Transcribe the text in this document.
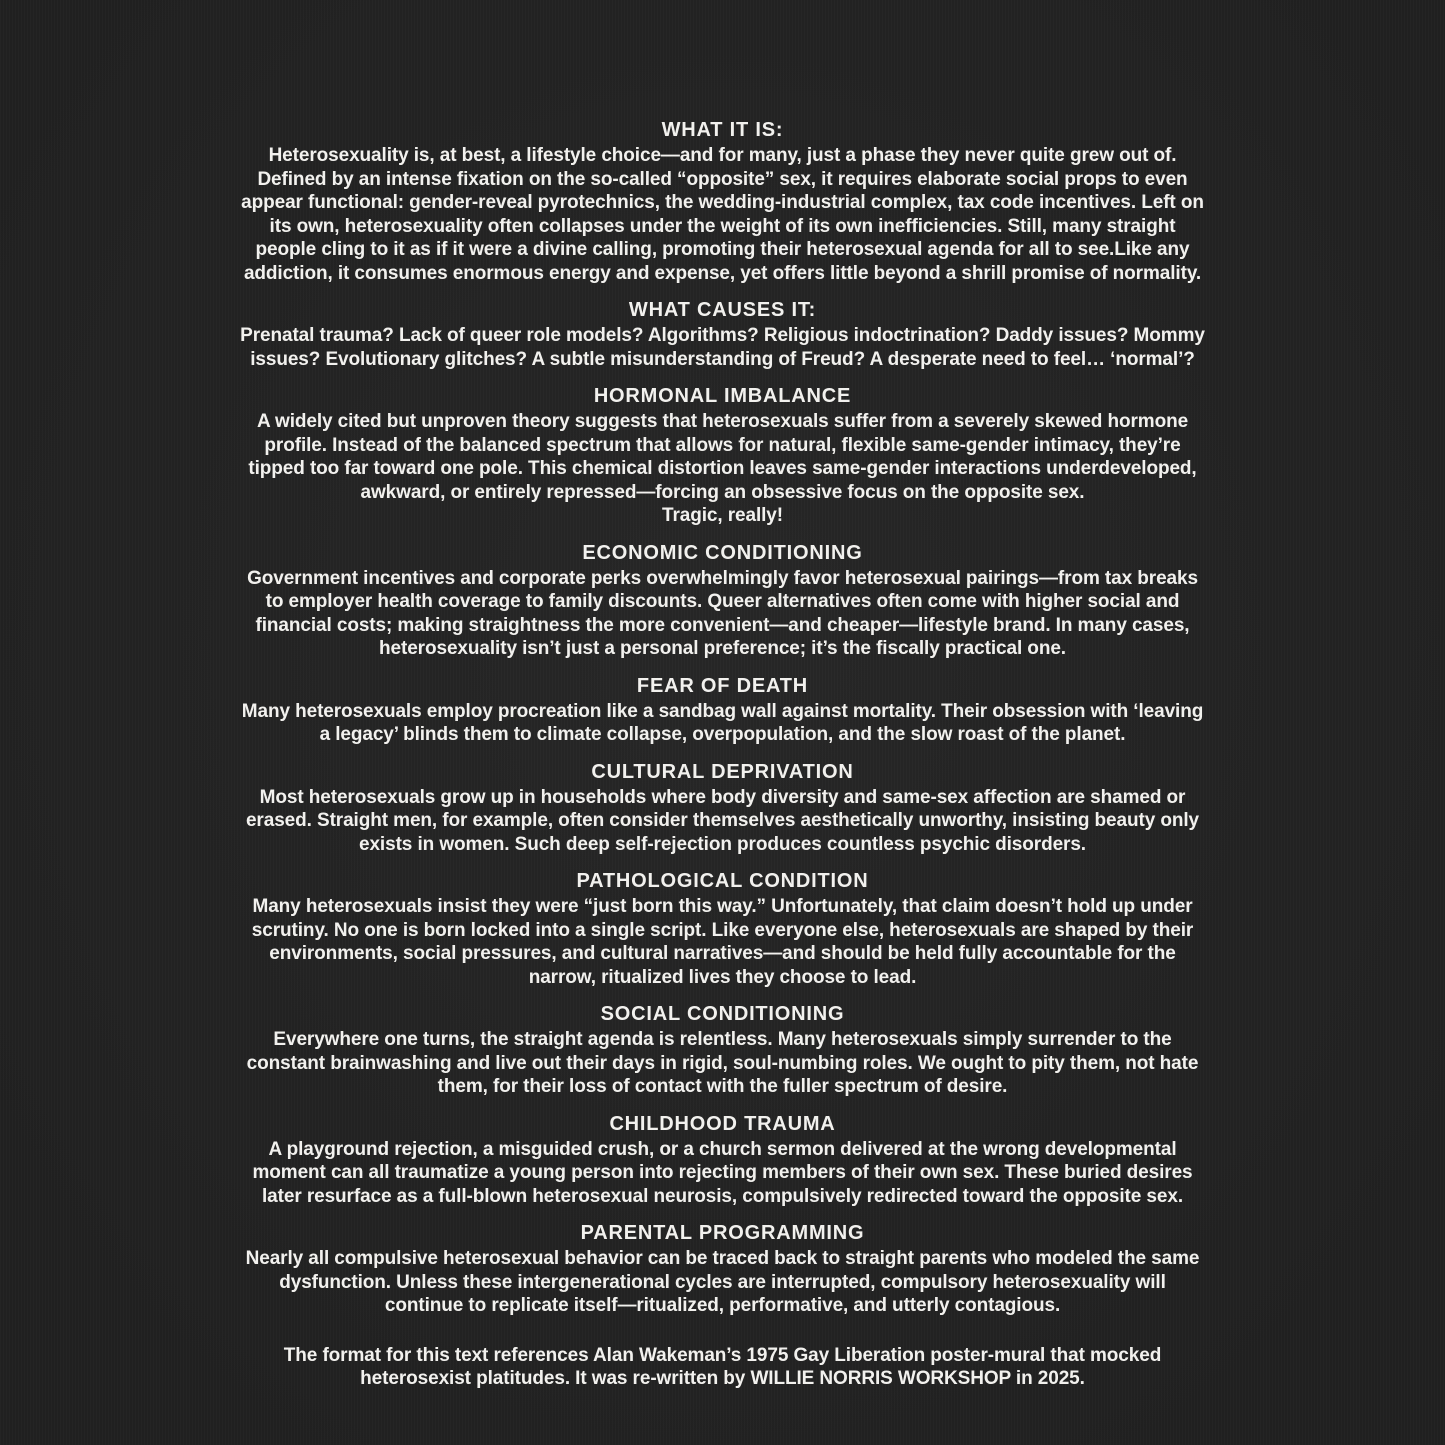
WHAT IT IS:

Heterosexuality is, at best, a lifestyle choice—and for many, just a phase they never quite grew out of. Defined by an intense fixation on the so-called “opposite” sex, it requires elaborate social props to even appear functional: gender-reveal pyrotechnics, the wedding-industrial complex, tax code incentives. Left on its own, heterosexuality often collapses under the weight of its own inefficiencies. Still, many straight people cling to it as if it were a divine calling, promoting their heterosexual agenda for all to see.Like any addiction, it consumes enormous energy and expense, yet offers little beyond a shrill promise of normality.

WHAT CAUSES IT:

Prenatal trauma? Lack of queer role models? Algorithms? Religious indoctrination? Daddy issues? Mommy issues? Evolutionary glitches? A subtle misunderstanding of Freud? A desperate need to feel… ‘normal’?

HORMONAL IMBALANCE

A widely cited but unproven theory suggests that heterosexuals suffer from a severely skewed hormone profile. Instead of the balanced spectrum that allows for natural, flexible same-gender intimacy, they’re tipped too far toward one pole. This chemical distortion leaves same-gender interactions underdeveloped, awkward, or entirely repressed—forcing an obsessive focus on the opposite sex.

Tragic, really!

ECONOMIC CONDITIONING

Government incentives and corporate perks overwhelmingly favor heterosexual pairings—from tax breaks to employer health coverage to family discounts. Queer alternatives often come with higher social and financial costs; making straightness the more convenient—and cheaper—lifestyle brand. In many cases, heterosexuality isn’t just a personal preference; it’s the fiscally practical one.

FEAR OF DEATH

Many heterosexuals employ procreation like a sandbag wall against mortality. Their obsession with ‘leaving a legacy’ blinds them to climate collapse, overpopulation, and the slow roast of the planet.

CULTURAL DEPRIVATION

Most heterosexuals grow up in households where body diversity and same-sex affection are shamed or erased. Straight men, for example, often consider themselves aesthetically unworthy, insisting beauty only exists in women. Such deep self-rejection produces countless psychic disorders.

PATHOLOGICAL CONDITION

Many heterosexuals insist they were “just born this way.” Unfortunately, that claim doesn’t hold up under scrutiny. No one is born locked into a single script. Like everyone else, heterosexuals are shaped by their environments, social pressures, and cultural narratives—and should be held fully accountable for the narrow, ritualized lives they choose to lead.

SOCIAL CONDITIONING

Everywhere one turns, the straight agenda is relentless. Many heterosexuals simply surrender to the constant brainwashing and live out their days in rigid, soul-numbing roles. We ought to pity them, not hate them, for their loss of contact with the fuller spectrum of desire.

CHILDHOOD TRAUMA

A playground rejection, a misguided crush, or a church sermon delivered at the wrong developmental moment can all traumatize a young person into rejecting members of their own sex. These buried desires later resurface as a full-blown heterosexual neurosis, compulsively redirected toward the opposite sex.

PARENTAL PROGRAMMING

Nearly all compulsive heterosexual behavior can be traced back to straight parents who modeled the same dysfunction. Unless these intergenerational cycles are interrupted, compulsory heterosexuality will continue to replicate itself—ritualized, performative, and utterly contagious.

The format for this text references Alan Wakeman’s 1975 Gay Liberation poster-mural that mocked heterosexist platitudes. It was re-written by WILLIE NORRIS WORKSHOP in 2025.
